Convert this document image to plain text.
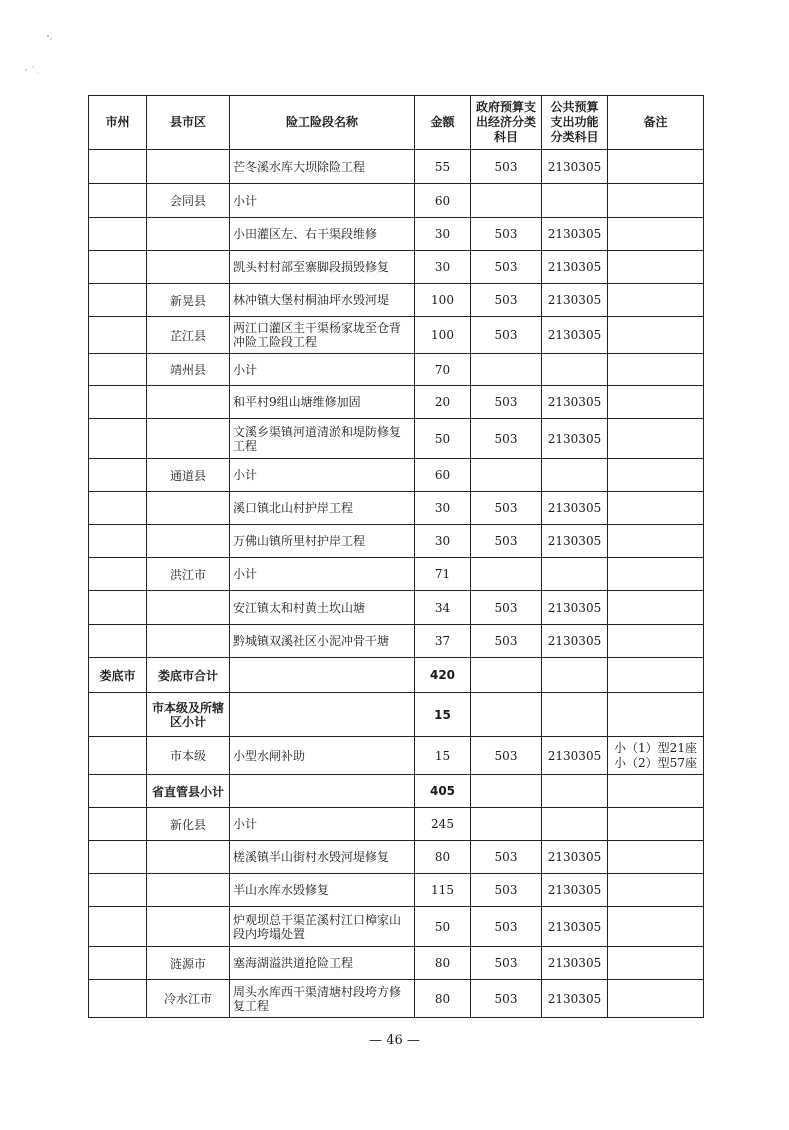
市州	县市区	险工险段名称	金额	政府预算支出经济分类科目	公共预算支出功能分类科目	备注
		芒冬溪水库大坝除险工程	55	503	2130305	
	会同县	小计	60			
		小田灌区左、右干渠段维修	30	503	2130305	
		凯头村村部至寨脚段损毁修复	30	503	2130305	
	新晃县	林冲镇大堡村桐油坪水毁河堤	100	503	2130305	
	芷江县	两江口灌区主干渠杨家垅至仓背冲险工险段工程	100	503	2130305	
	靖州县	小计	70			
		和平村9组山塘维修加固	20	503	2130305	
		文溪乡渠镇河道清淤和堤防修复工程	50	503	2130305	
	通道县	小计	60			
		溪口镇北山村护岸工程	30	503	2130305	
		万佛山镇所里村护岸工程	30	503	2130305	
	洪江市	小计	71			
		安江镇太和村黄土坎山塘	34	503	2130305	
		黔城镇双溪社区小泥冲骨干塘	37	503	2130305	
娄底市	娄底市合计		420			
	市本级及所辖区小计		15			
	市本级	小型水闸补助	15	503	2130305	小（1）型21座 小（2）型57座
	省直管县小计		405			
	新化县	小计	245			
		槎溪镇半山街村水毁河堤修复	80	503	2130305	
		半山水库水毁修复	115	503	2130305	
		炉观坝总干渠芷溪村江口樟家山段内垮塌处置	50	503	2130305	
	涟源市	塞海湖溢洪道抢险工程	80	503	2130305	
	冷水江市	周头水库西干渠清塘村段垮方修复工程	80	503	2130305	
— 46 —
